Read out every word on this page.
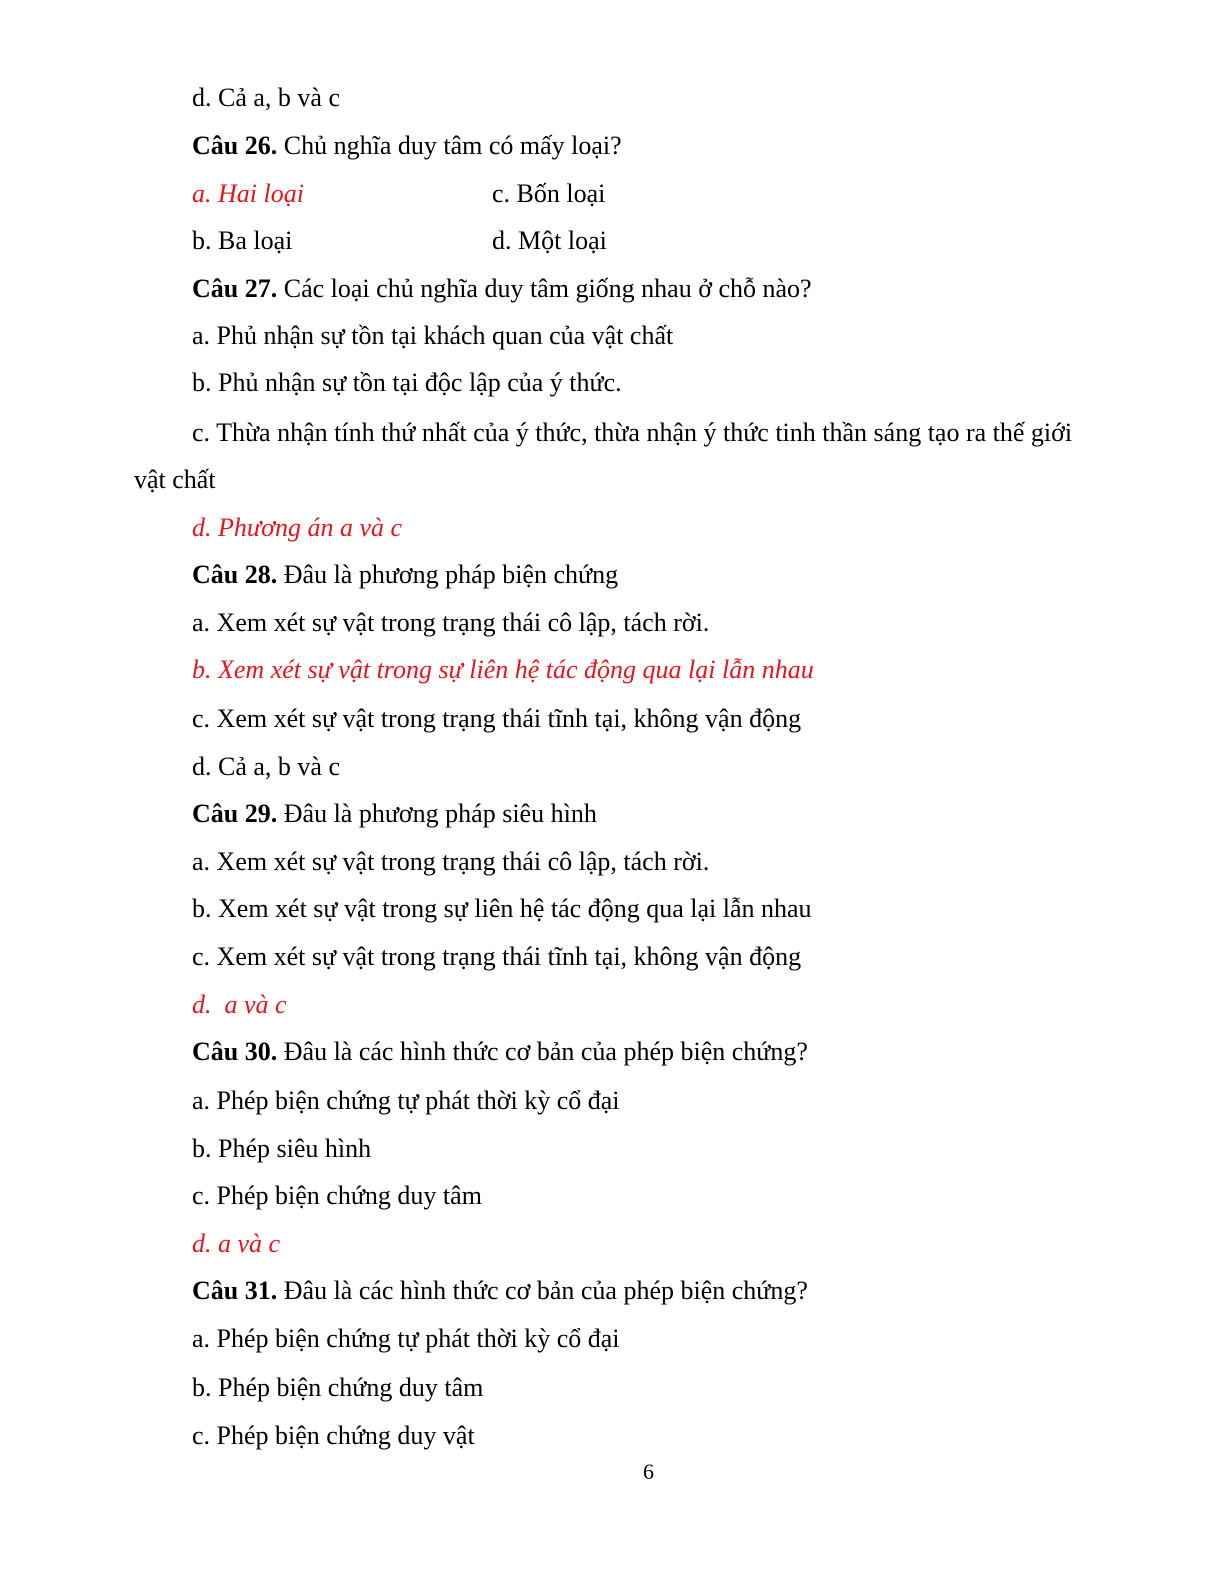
d. Cả a, b và c
Câu 26. Chủ nghĩa duy tâm có mấy loại?
a. Hai loại	c. Bốn loại
b. Ba loại	d. Một loại
Câu 27. Các loại chủ nghĩa duy tâm giống nhau ở chỗ nào?
a. Phủ nhận sự tồn tại khách quan của vật chất
b. Phủ nhận sự tồn tại độc lập của ý thức.
c. Thừa nhận tính thứ nhất của ý thức, thừa nhận ý thức tinh thần sáng tạo ra thế giới
vật chất
d. Phương án a và c
Câu 28. Đâu là phương pháp biện chứng
a. Xem xét sự vật trong trạng thái cô lập, tách rời.
b. Xem xét sự vật trong sự liên hệ tác động qua lại lẫn nhau
c. Xem xét sự vật trong trạng thái tĩnh tại, không vận động
d. Cả a, b và c
Câu 29. Đâu là phương pháp siêu hình
a. Xem xét sự vật trong trạng thái cô lập, tách rời.
b. Xem xét sự vật trong sự liên hệ tác động qua lại lẫn nhau
c. Xem xét sự vật trong trạng thái tĩnh tại, không vận động
d.  a và c
Câu 30. Đâu là các hình thức cơ bản của phép biện chứng?
a. Phép biện chứng tự phát thời kỳ cổ đại
b. Phép siêu hình
c. Phép biện chứng duy tâm
d. a và c
Câu 31. Đâu là các hình thức cơ bản của phép biện chứng?
a. Phép biện chứng tự phát thời kỳ cổ đại
b. Phép biện chứng duy tâm
c. Phép biện chứng duy vật
6
